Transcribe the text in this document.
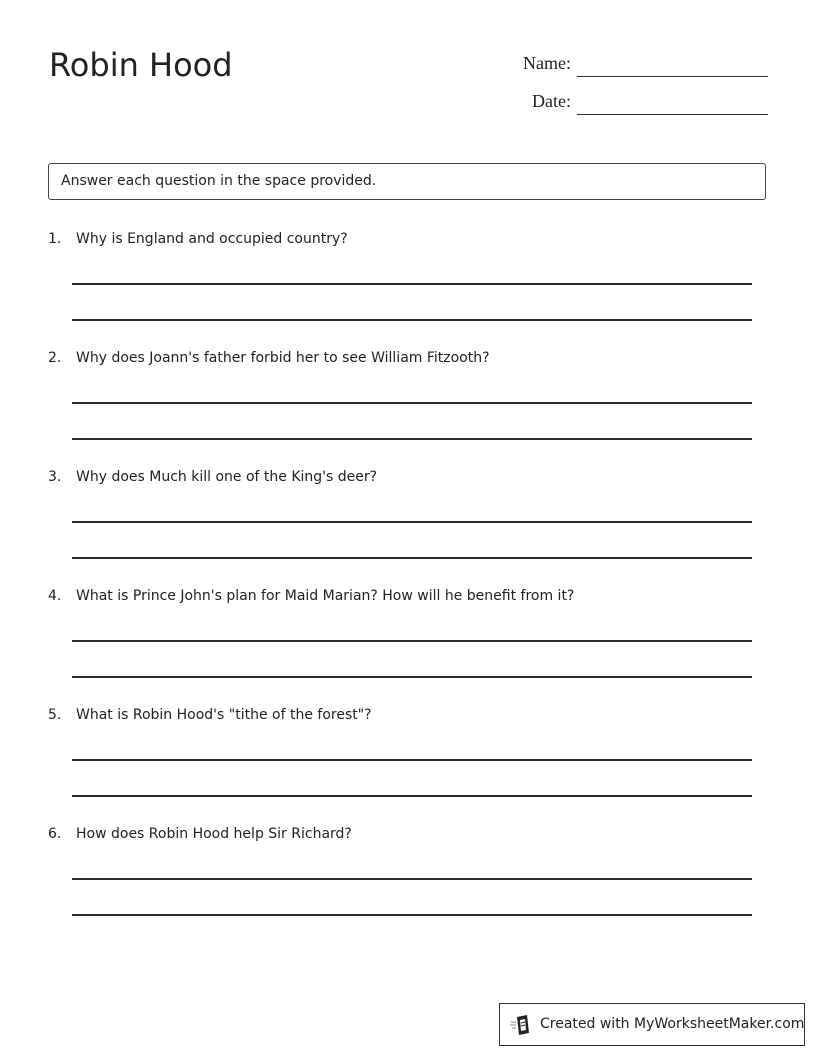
Robin Hood	Name:
Date:
Answer each question in the space provided.
1. Why is England and occupied country?
2. Why does Joann's father forbid her to see William Fitzooth?
3. Why does Much kill one of the King's deer?
4. What is Prince John's plan for Maid Marian? How will he benefit from it?
5. What is Robin Hood's "tithe of the forest"?
6. How does Robin Hood help Sir Richard?
Created with MyWorksheetMaker.com
